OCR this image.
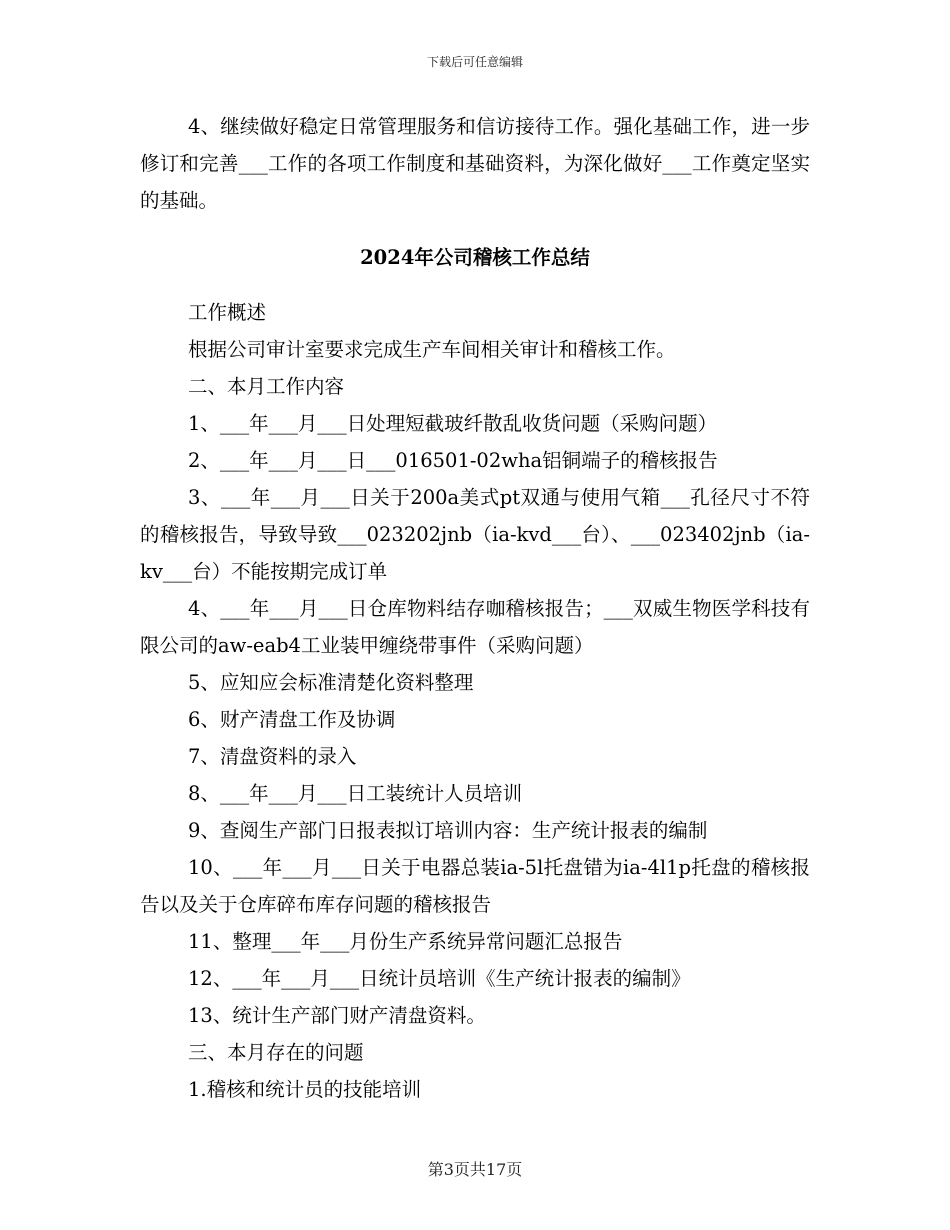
下载后可任意编辑

4、继续做好稳定日常管理服务和信访接待工作。强化基础工作，进一步修订和完善___工作的各项工作制度和基础资料，为深化做好___工作奠定坚实的基础。

2024年公司稽核工作总结

工作概述

根据公司审计室要求完成生产车间相关审计和稽核工作。

二、本月工作内容

1、___年___月___日处理短截玻纤散乱收货问题（采购问题）

2、___年___月___日___016501-02wha铝铜端子的稽核报告

3、___年___月___日关于200a美式pt双通与使用气箱___孔径尺寸不符的稽核报告，导致导致___023202jnb（ia-kvd___台）、___023402jnb（ia-kv___台）不能按期完成订单

4、___年___月___日仓库物料结存咖稽核报告；___双威生物医学科技有限公司的aw-eab4工业装甲缠绕带事件（采购问题）

5、应知应会标准清楚化资料整理

6、财产清盘工作及协调

7、清盘资料的录入

8、___年___月___日工装统计人员培训

9、查阅生产部门日报表拟订培训内容：生产统计报表的编制

10、___年___月___日关于电器总装ia-5l托盘错为ia-4l1p托盘的稽核报告以及关于仓库碎布库存问题的稽核报告

11、整理___年___月份生产系统异常问题汇总报告

12、___年___月___日统计员培训《生产统计报表的编制》

13、统计生产部门财产清盘资料。

三、本月存在的问题

1.稽核和统计员的技能培训

第3页共17页
